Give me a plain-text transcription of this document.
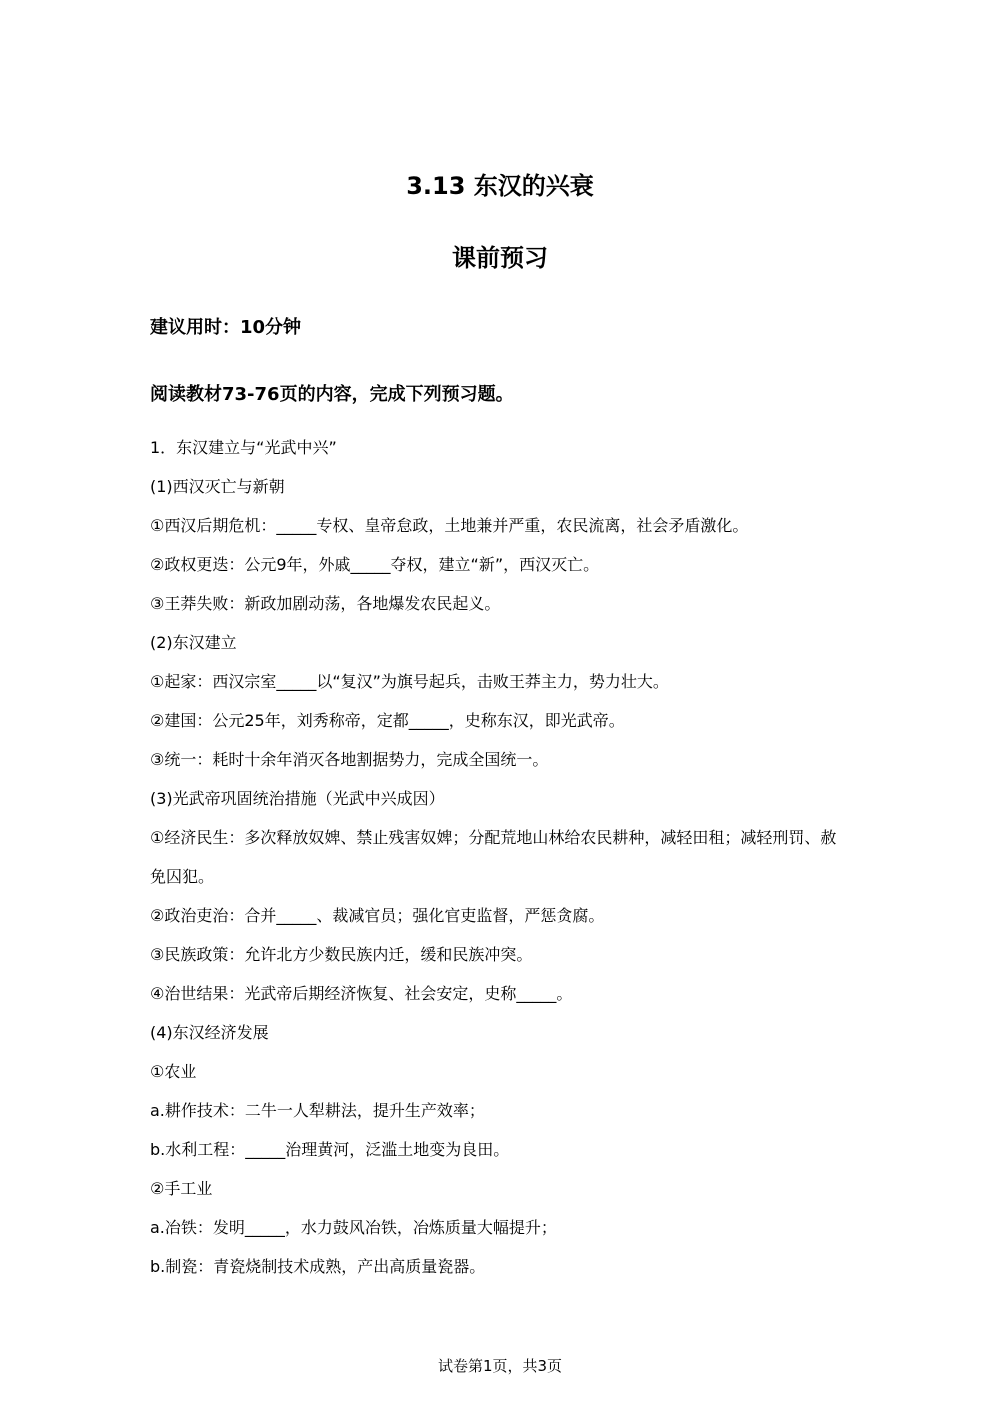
3.13 东汉的兴衰
课前预习
建议用时：10分钟
阅读教材73-76页的内容，完成下列预习题。
1．东汉建立与“光武中兴”
(1)西汉灭亡与新朝
①西汉后期危机：_____专权、皇帝怠政，土地兼并严重，农民流离，社会矛盾激化。
②政权更迭：公元9年，外戚_____夺权，建立“新”，西汉灭亡。
③王莽失败：新政加剧动荡，各地爆发农民起义。
(2)东汉建立
①起家：西汉宗室_____以“复汉”为旗号起兵，击败王莽主力，势力壮大。
②建国：公元25年，刘秀称帝，定都_____，史称东汉，即光武帝。
③统一：耗时十余年消灭各地割据势力，完成全国统一。
(3)光武帝巩固统治措施（光武中兴成因）
①经济民生：多次释放奴婢、禁止残害奴婢；分配荒地山林给农民耕种，减轻田租；减轻刑罚、赦免囚犯。
②政治吏治：合并_____、裁减官员；强化官吏监督，严惩贪腐。
③民族政策：允许北方少数民族内迁，缓和民族冲突。
④治世结果：光武帝后期经济恢复、社会安定，史称_____。
(4)东汉经济发展
①农业
a.耕作技术：二牛一人犁耕法，提升生产效率；
b.水利工程：_____治理黄河，泛滥土地变为良田。
②手工业
a.冶铁：发明_____，水力鼓风冶铁，冶炼质量大幅提升；
b.制瓷：青瓷烧制技术成熟，产出高质量瓷器。
试卷第1页，共3页
